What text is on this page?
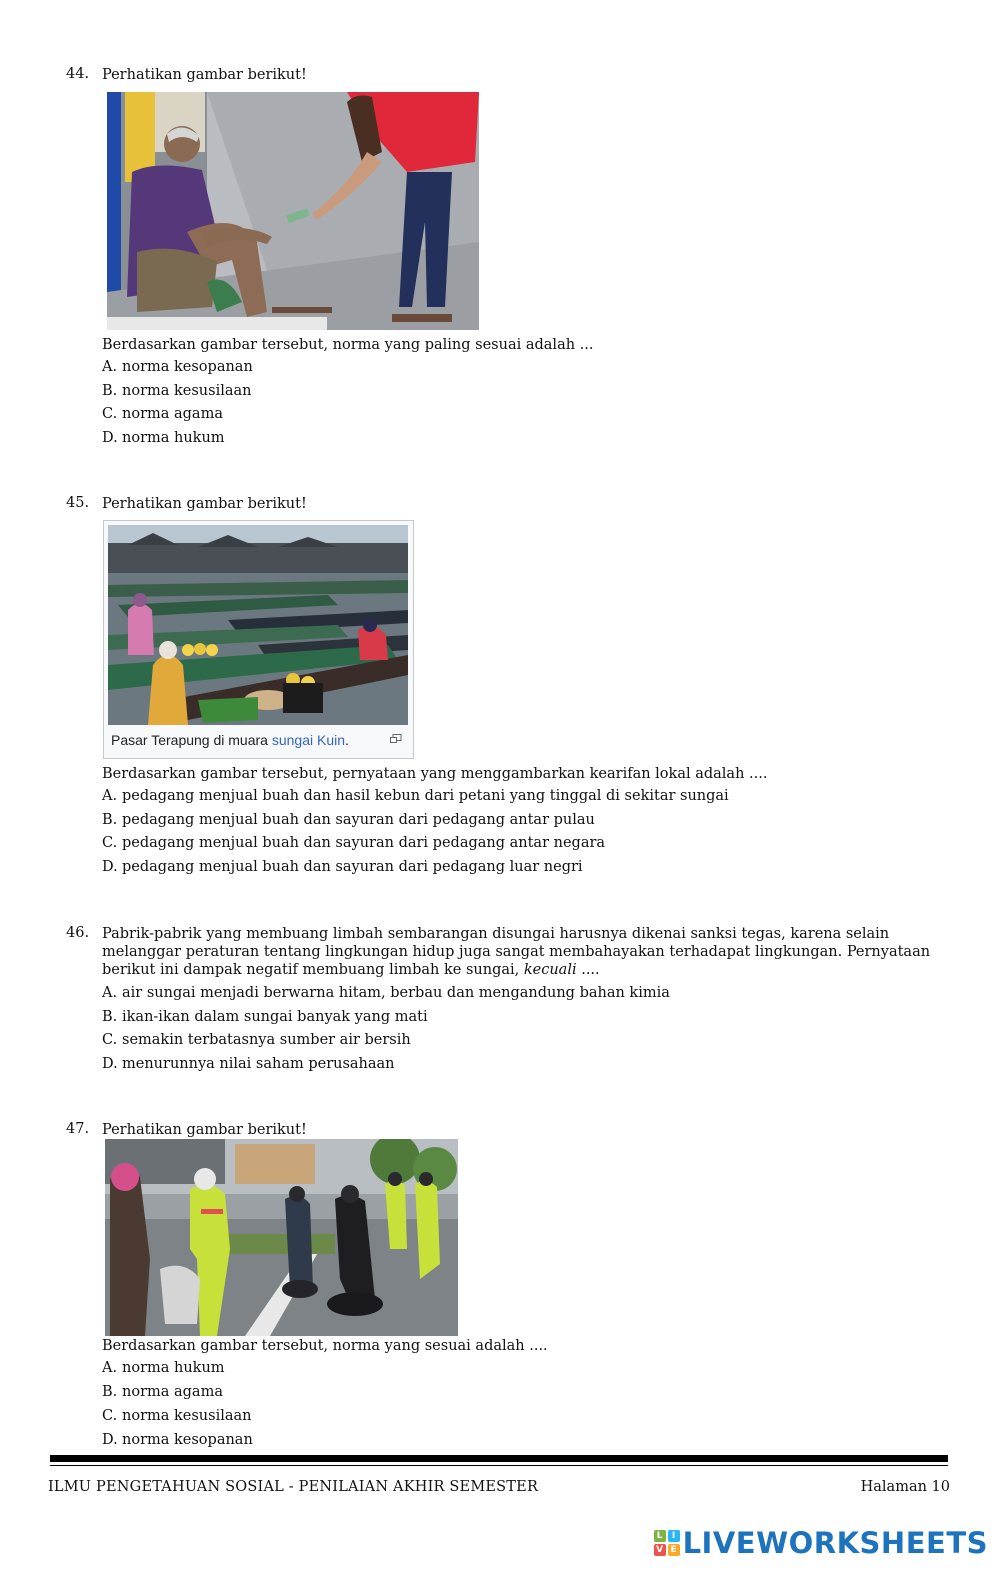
44. Perhatikan gambar berikut!
Berdasarkan gambar tersebut, norma yang paling sesuai adalah ...
A. norma kesopanan
B. norma kesusilaan
C. norma agama
D. norma hukum
45. Perhatikan gambar berikut!
Pasar Terapung di muara sungai Kuin.
Berdasarkan gambar tersebut, pernyataan yang menggambarkan kearifan lokal adalah ....
A. pedagang menjual buah dan hasil kebun dari petani yang tinggal di sekitar sungai
B. pedagang menjual buah dan sayuran dari pedagang antar pulau
C. pedagang menjual buah dan sayuran dari pedagang antar negara
D. pedagang menjual buah dan sayuran dari pedagang luar negri
46. Pabrik-pabrik yang membuang limbah sembarangan disungai harusnya dikenai sanksi tegas, karena selain melanggar peraturan tentang lingkungan hidup juga sangat membahayakan terhadapat lingkungan. Pernyataan berikut ini dampak negatif membuang limbah ke sungai, kecuali ....
A. air sungai menjadi berwarna hitam, berbau dan mengandung bahan kimia
B. ikan-ikan dalam sungai banyak yang mati
C. semakin terbatasnya sumber air bersih
D. menurunnya nilai saham perusahaan
47. Perhatikan gambar berikut!
Berdasarkan gambar tersebut, norma yang sesuai adalah ....
A. norma hukum
B. norma agama
C. norma kesusilaan
D. norma kesopanan
ILMU PENGETAHUAN SOSIAL - PENILAIAN AKHIR SEMESTER	Halaman 10
L	I
V E LIVEWORKSHEETS
